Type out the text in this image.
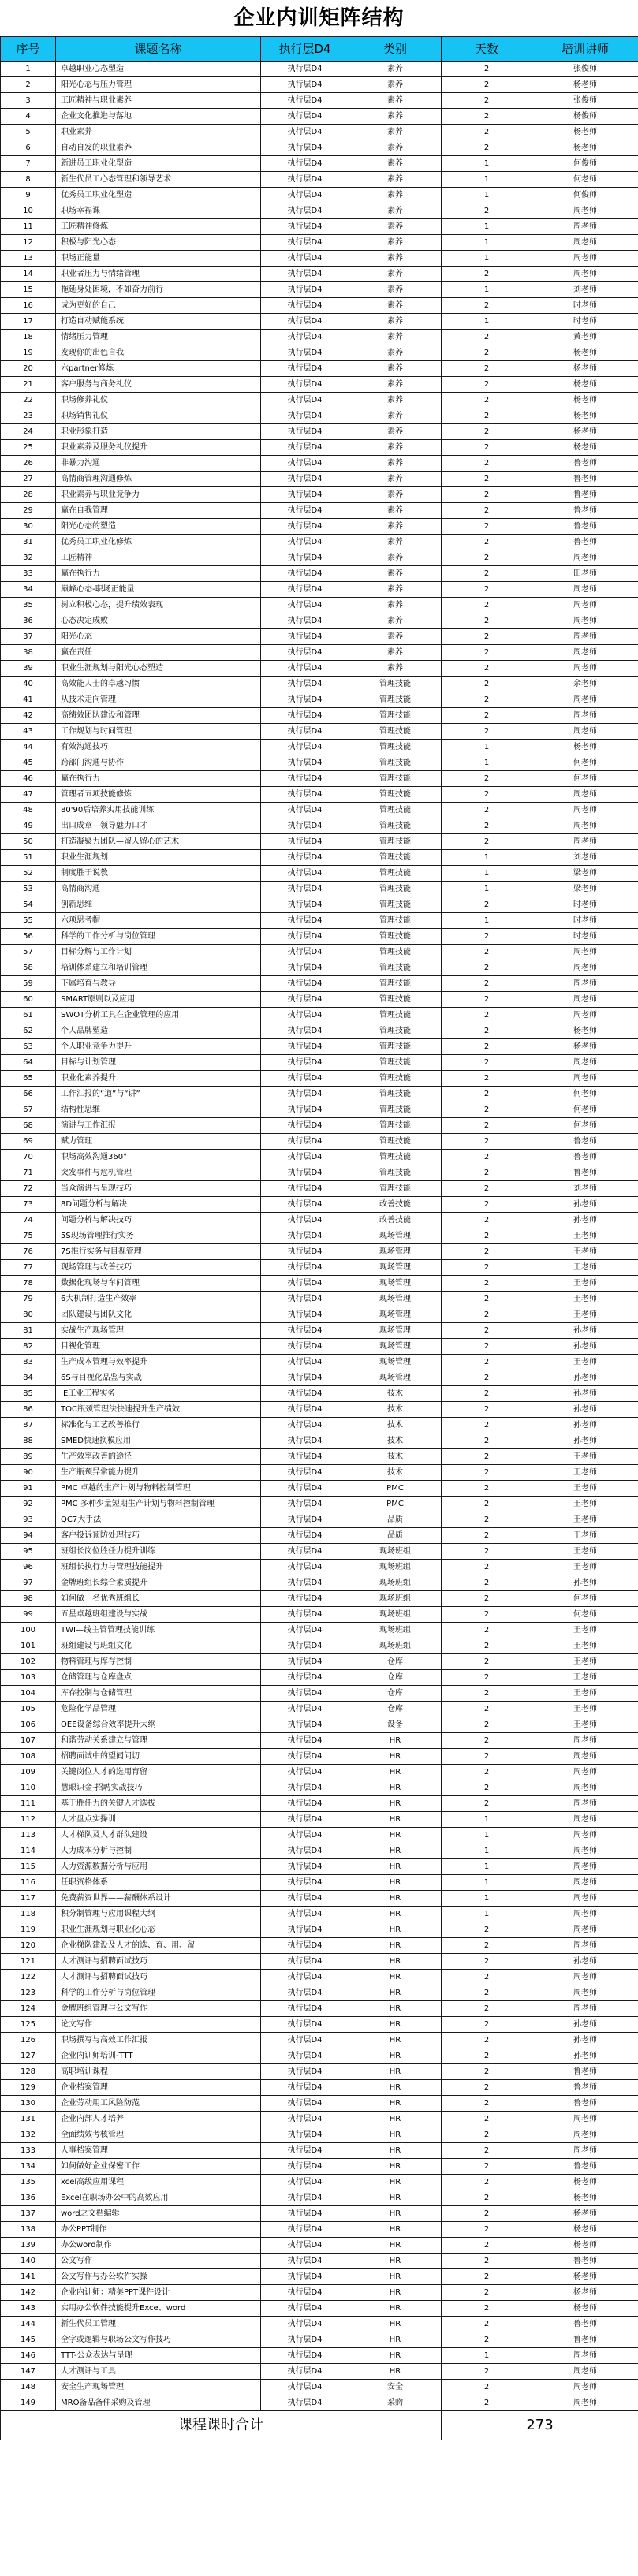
企业内训矩阵结构
序号	课题名称	执行层D4	类别	天数	培训讲师
1	卓越职业心态塑造	执行层D4	素养	2	张俊师
2	阳光心态与压力管理	执行层D4	素养	2	杨老师
3	工匠精神与职业素养	执行层D4	素养	2	张俊师
4	企业文化推进与落地	执行层D4	素养	2	杨俊师
5	职业素养	执行层D4	素养	2	杨老师
6	自动自发的职业素养	执行层D4	素养	2	杨老师
7	新进员工职业化塑造	执行层D4	素养	1	何俊师
8	新生代员工心态管理和领导艺术	执行层D4	素养	1	何老师
9	优秀员工职业化塑造	执行层D4	素养	1	何俊师
10	职场幸福课	执行层D4	素养	2	周老师
11	工匠精神修炼	执行层D4	素养	1	周老师
12	积极与阳光心态	执行层D4	素养	1	周老师
13	职场正能量	执行层D4	素养	1	周老师
14	职业者压力与情绪管理	执行层D4	素养	2	周老师
15	拖延身处困境，不如奋力前行	执行层D4	素养	1	刘老师
16	成为更好的自己	执行层D4	素养	2	时老师
17	打造自动赋能系统	执行层D4	素养	1	时老师
18	情绪压力管理	执行层D4	素养	2	黄老师
19	发现你的出色自我	执行层D4	素养	2	杨老师
20	六partner修炼	执行层D4	素养	2	杨老师
21	客户服务与商务礼仪	执行层D4	素养	2	杨老师
22	职场修养礼仪	执行层D4	素养	2	杨老师
23	职场销售礼仪	执行层D4	素养	2	杨老师
24	职业形象打造	执行层D4	素养	2	杨老师
25	职业素养及服务礼仪提升	执行层D4	素养	2	杨老师
26	非暴力沟通	执行层D4	素养	2	鲁老师
27	高情商管理沟通修炼	执行层D4	素养	2	鲁老师
28	职业素养与职业竞争力	执行层D4	素养	2	鲁老师
29	赢在自我管理	执行层D4	素养	2	鲁老师
30	阳光心态的塑造	执行层D4	素养	2	鲁老师
31	优秀员工职业化修炼	执行层D4	素养	2	鲁老师
32	工匠精神	执行层D4	素养	2	周老师
33	赢在执行力	执行层D4	素养	2	田老师
34	巅峰心态-职场正能量	执行层D4	素养	2	周老师
35	树立积极心态，提升绩效表现	执行层D4	素养	2	周老师
36	心态决定成败	执行层D4	素养	2	周老师
37	阳光心态	执行层D4	素养	2	周老师
38	赢在责任	执行层D4	素养	2	周老师
39	职业生涯规划与阳光心态塑造	执行层D4	素养	2	周老师
40	高效能人士的卓越习惯	执行层D4	管理技能	2	余老师
41	从技术走向管理	执行层D4	管理技能	2	周老师
42	高绩效团队建设和管理	执行层D4	管理技能	2	周老师
43	工作规划与时间管理	执行层D4	管理技能	2	周老师
44	有效沟通技巧	执行层D4	管理技能	1	杨老师
45	跨部门沟通与协作	执行层D4	管理技能	1	何老师
46	赢在执行力	执行层D4	管理技能	2	何老师
47	管理者五项技能修炼	执行层D4	管理技能	2	周老师
48	80'90后培养实用技能训练	执行层D4	管理技能	2	周老师
49	出口成章—领导魅力口才	执行层D4	管理技能	2	周老师
50	打造凝聚力团队—留人留心的艺术	执行层D4	管理技能	2	周老师
51	职业生涯规划	执行层D4	管理技能	1	刘老师
52	制度胜于说教	执行层D4	管理技能	1	梁老师
53	高情商沟通	执行层D4	管理技能	1	梁老师
54	创新思维	执行层D4	管理技能	2	时老师
55	六项思考帽	执行层D4	管理技能	1	时老师
56	科学的工作分析与岗位管理	执行层D4	管理技能	2	时老师
57	目标分解与工作计划	执行层D4	管理技能	2	周老师
58	培训体系建立和培训管理	执行层D4	管理技能	2	周老师
59	下属培育与教导	执行层D4	管理技能	2	周老师
60	SMART原则以及应用	执行层D4	管理技能	2	周老师
61	SWOT分析工具在企业管理的应用	执行层D4	管理技能	2	周老师
62	个人品牌塑造	执行层D4	管理技能	2	杨老师
63	个人职业竞争力提升	执行层D4	管理技能	2	杨老师
64	目标与计划管理	执行层D4	管理技能	2	周老师
65	职业化素养提升	执行层D4	管理技能	2	周老师
66	工作汇报的“道”与“讲”	执行层D4	管理技能	2	何老师
67	结构性思维	执行层D4	管理技能	2	何老师
68	演讲与工作汇报	执行层D4	管理技能	2	何老师
69	赋力管理	执行层D4	管理技能	2	鲁老师
70	职场高效沟通360°	执行层D4	管理技能	2	鲁老师
71	突发事件与危机管理	执行层D4	管理技能	2	鲁老师
72	当众演讲与呈现技巧	执行层D4	管理技能	2	刘老师
73	8D问题分析与解决	执行层D4	改善技能	2	孙老师
74	问题分析与解决技巧	执行层D4	改善技能	2	孙老师
75	5S现场管理推行实务	执行层D4	现场管理	2	王老师
76	7S推行实务与目视管理	执行层D4	现场管理	2	王老师
77	现场管理与改善技巧	执行层D4	现场管理	2	王老师
78	数据化现场与车间管理	执行层D4	现场管理	2	王老师
79	6大机制打造生产效率	执行层D4	现场管理	2	王老师
80	团队建设与团队文化	执行层D4	现场管理	2	王老师
81	实战生产现场管理	执行层D4	现场管理	2	孙老师
82	目视化管理	执行层D4	现场管理	2	孙老师
83	生产成本管理与效率提升	执行层D4	现场管理	2	王老师
84	6S与目视化品鉴与实战	执行层D4	现场管理	2	孙老师
85	IE工业工程实务	执行层D4	技术	2	孙老师
86	TOC瓶颈管理法快速提升生产绩效	执行层D4	技术	2	孙老师
87	标准化与工艺改善推行	执行层D4	技术	2	孙老师
88	SMED快速换模应用	执行层D4	技术	2	孙老师
89	生产效率改善的途径	执行层D4	技术	2	王老师
90	生产瓶颈异常能力提升	执行层D4	技术	2	王老师
91	PMC 卓越的生产计划与物料控制管理	执行层D4	PMC	2	王老师
92	PMC 多种少量短期生产计划与物料控制管理	执行层D4	PMC	2	王老师
93	QC7大手法	执行层D4	品质	2	王老师
94	客户投诉预防处理技巧	执行层D4	品质	2	王老师
95	班组长岗位胜任力提升训练	执行层D4	现场班组	2	王老师
96	班组长执行力与管理技能提升	执行层D4	现场班组	2	王老师
97	金牌班组长综合素质提升	执行层D4	现场班组	2	孙老师
98	如何做一名优秀班组长	执行层D4	现场班组	2	何老师
99	五星卓越班组建设与实战	执行层D4	现场班组	2	何老师
100	TWI—线主管管理技能训练	执行层D4	现场班组	2	王老师
101	班组建设与班组文化	执行层D4	现场班组	2	王老师
102	物料管理与库存控制	执行层D4	仓库	2	王老师
103	仓储管理与仓库盘点	执行层D4	仓库	2	王老师
104	库存控制与仓储管理	执行层D4	仓库	2	王老师
105	危险化学品管理	执行层D4	仓库	2	王老师
106	OEE设备综合效率提升大纲	执行层D4	设备	2	王老师
107	和谐劳动关系建立与管理	执行层D4	HR	2	周老师
108	招聘面试中的望闻问切	执行层D4	HR	2	周老师
109	关键岗位人才的选用育留	执行层D4	HR	2	周老师
110	慧眼识金-招聘实战技巧	执行层D4	HR	2	周老师
111	基于胜任力的关键人才选拔	执行层D4	HR	2	周老师
112	人才盘点实操训	执行层D4	HR	1	周老师
113	人才梯队及人才群队建设	执行层D4	HR	1	周老师
114	人力成本分析与控制	执行层D4	HR	1	周老师
115	人力资源数据分析与应用	执行层D4	HR	1	周老师
116	任职资格体系	执行层D4	HR	1	周老师
117	免费薪资世界——薪酬体系设计	执行层D4	HR	1	周老师
118	积分制管理与应用课程大纲	执行层D4	HR	1	周老师
119	职业生涯规划与职业化心态	执行层D4	HR	2	周老师
120	企业梯队建设及人才的选、育、用、留	执行层D4	HR	2	周老师
121	人才测评与招聘面试技巧	执行层D4	HR	2	孙老师
122	人才测评与招聘面试技巧	执行层D4	HR	2	周老师
123	科学的工作分析与岗位管理	执行层D4	HR	2	周老师
124	金牌班组管理与公文写作	执行层D4	HR	2	周老师
125	论文写作	执行层D4	HR	2	孙老师
126	职场撰写与高效工作汇报	执行层D4	HR	2	孙老师
127	企业内训师培训-TTT	执行层D4	HR	2	孙老师
128	高职培训课程	执行层D4	HR	2	鲁老师
129	企业档案管理	执行层D4	HR	2	鲁老师
130	企业劳动用工风险防范	执行层D4	HR	2	鲁老师
131	企业内部人才培养	执行层D4	HR	2	周老师
132	全面绩效考核管理	执行层D4	HR	2	周老师
133	人事档案管理	执行层D4	HR	2	周老师
134	如何做好企业保密工作	执行层D4	HR	2	鲁老师
135	xcel高级应用课程	执行层D4	HR	2	杨老师
136	Excel在职场办公中的高效应用	执行层D4	HR	2	杨老师
137	word之文档编辑	执行层D4	HR	2	杨老师
138	办公PPT制作	执行层D4	HR	2	杨老师
139	办公word制作	执行层D4	HR	2	杨老师
140	公文写作	执行层D4	HR	2	鲁老师
141	公文写作与办公软件实操	执行层D4	HR	2	杨老师
142	企业内训师：精美PPT课件设计	执行层D4	HR	2	杨老师
143	实用办公软件技能提升Exce、word	执行层D4	HR	2	杨老师
144	新生代员工管理	执行层D4	HR	2	鲁老师
145	全字或逻辑与职场公文写作技巧	执行层D4	HR	2	鲁老师
146	TTT-公众表达与呈现	执行层D4	HR	1	周老师
147	人才测评与工具	执行层D4	HR	2	周老师
148	安全生产现场管理	执行层D4	安全	2	周老师
149	MRO备品备件采购及管理	执行层D4	采购	2	周老师
课程课时合计				273	
